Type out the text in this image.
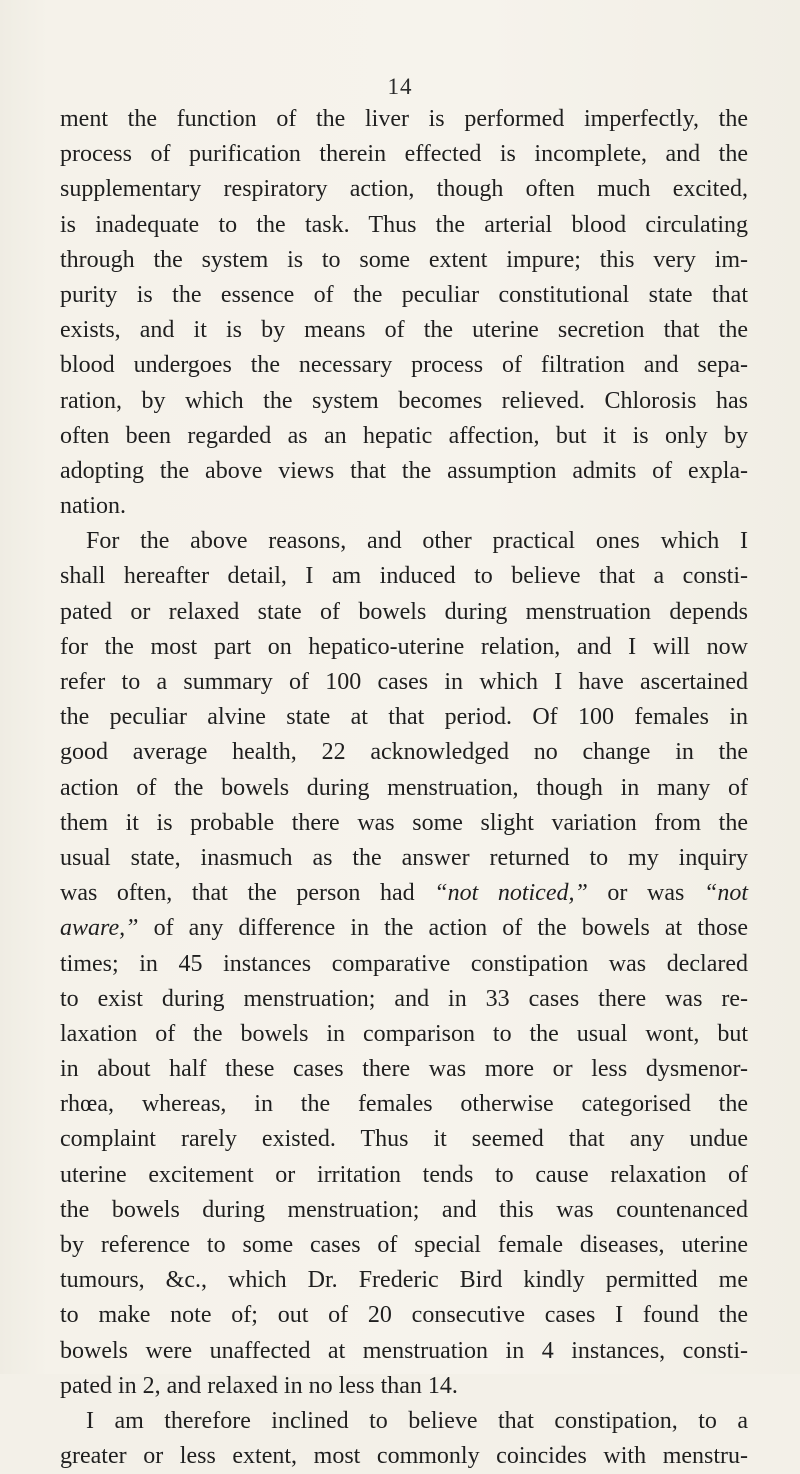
14
ment the function of the liver is performed imperfectly, the
process of purification therein effected is incomplete, and the
supplementary respiratory action, though often much excited,
is inadequate to the task. Thus the arterial blood circulating
through the system is to some extent impure; this very im-
purity is the essence of the peculiar constitutional state that
exists, and it is by means of the uterine secretion that the
blood undergoes the necessary process of filtration and sepa-
ration, by which the system becomes relieved. Chlorosis has
often been regarded as an hepatic affection, but it is only by
adopting the above views that the assumption admits of expla-
nation.
For the above reasons, and other practical ones which I
shall hereafter detail, I am induced to believe that a consti-
pated or relaxed state of bowels during menstruation depends
for the most part on hepatico-uterine relation, and I will now
refer to a summary of 100 cases in which I have ascertained
the peculiar alvine state at that period. Of 100 females in
good average health, 22 acknowledged no change in the
action of the bowels during menstruation, though in many of
them it is probable there was some slight variation from the
usual state, inasmuch as the answer returned to my inquiry
was often, that the person had “not noticed,” or was “not
aware,” of any difference in the action of the bowels at those
times; in 45 instances comparative constipation was declared
to exist during menstruation; and in 33 cases there was re-
laxation of the bowels in comparison to the usual wont, but
in about half these cases there was more or less dysmenor-
rhœa, whereas, in the females otherwise categorised the
complaint rarely existed. Thus it seemed that any undue
uterine excitement or irritation tends to cause relaxation of
the bowels during menstruation; and this was countenanced
by reference to some cases of special female diseases, uterine
tumours, &c., which Dr. Frederic Bird kindly permitted me
to make note of; out of 20 consecutive cases I found the
bowels were unaffected at menstruation in 4 instances, consti-
pated in 2, and relaxed in no less than 14.
I am therefore inclined to believe that constipation, to a
greater or less extent, most commonly coincides with menstru-
